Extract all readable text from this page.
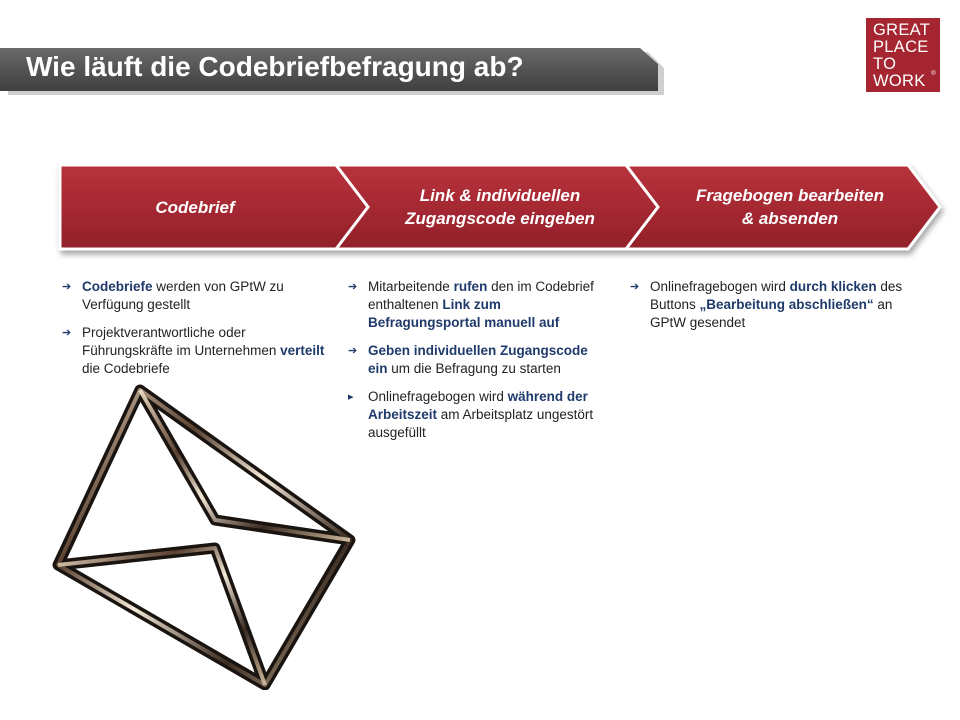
Wie läuft die Codebriefbefragung ab?
GREAT
PLACE
TO
WORK ®
Codebrief
Link & individuellen
Zugangscode eingeben
Fragebogen bearbeiten
& absenden
➔ Codebriefe werden von GPtW zu Verfügung gestellt
➔ Projektverantwortliche oder Führungskräfte im Unternehmen verteilt die Codebriefe
➔ Mitarbeitende rufen den im Codebrief enthaltenen Link zum Befragungsportal manuell auf
➔ Geben individuellen Zugangscode ein um die Befragung zu starten
▸ Onlinefragebogen wird während der Arbeitszeit am Arbeitsplatz ungestört ausgefüllt
➔ Onlinefragebogen wird durch klicken des Buttons „Bearbeitung abschließen“ an GPtW gesendet
